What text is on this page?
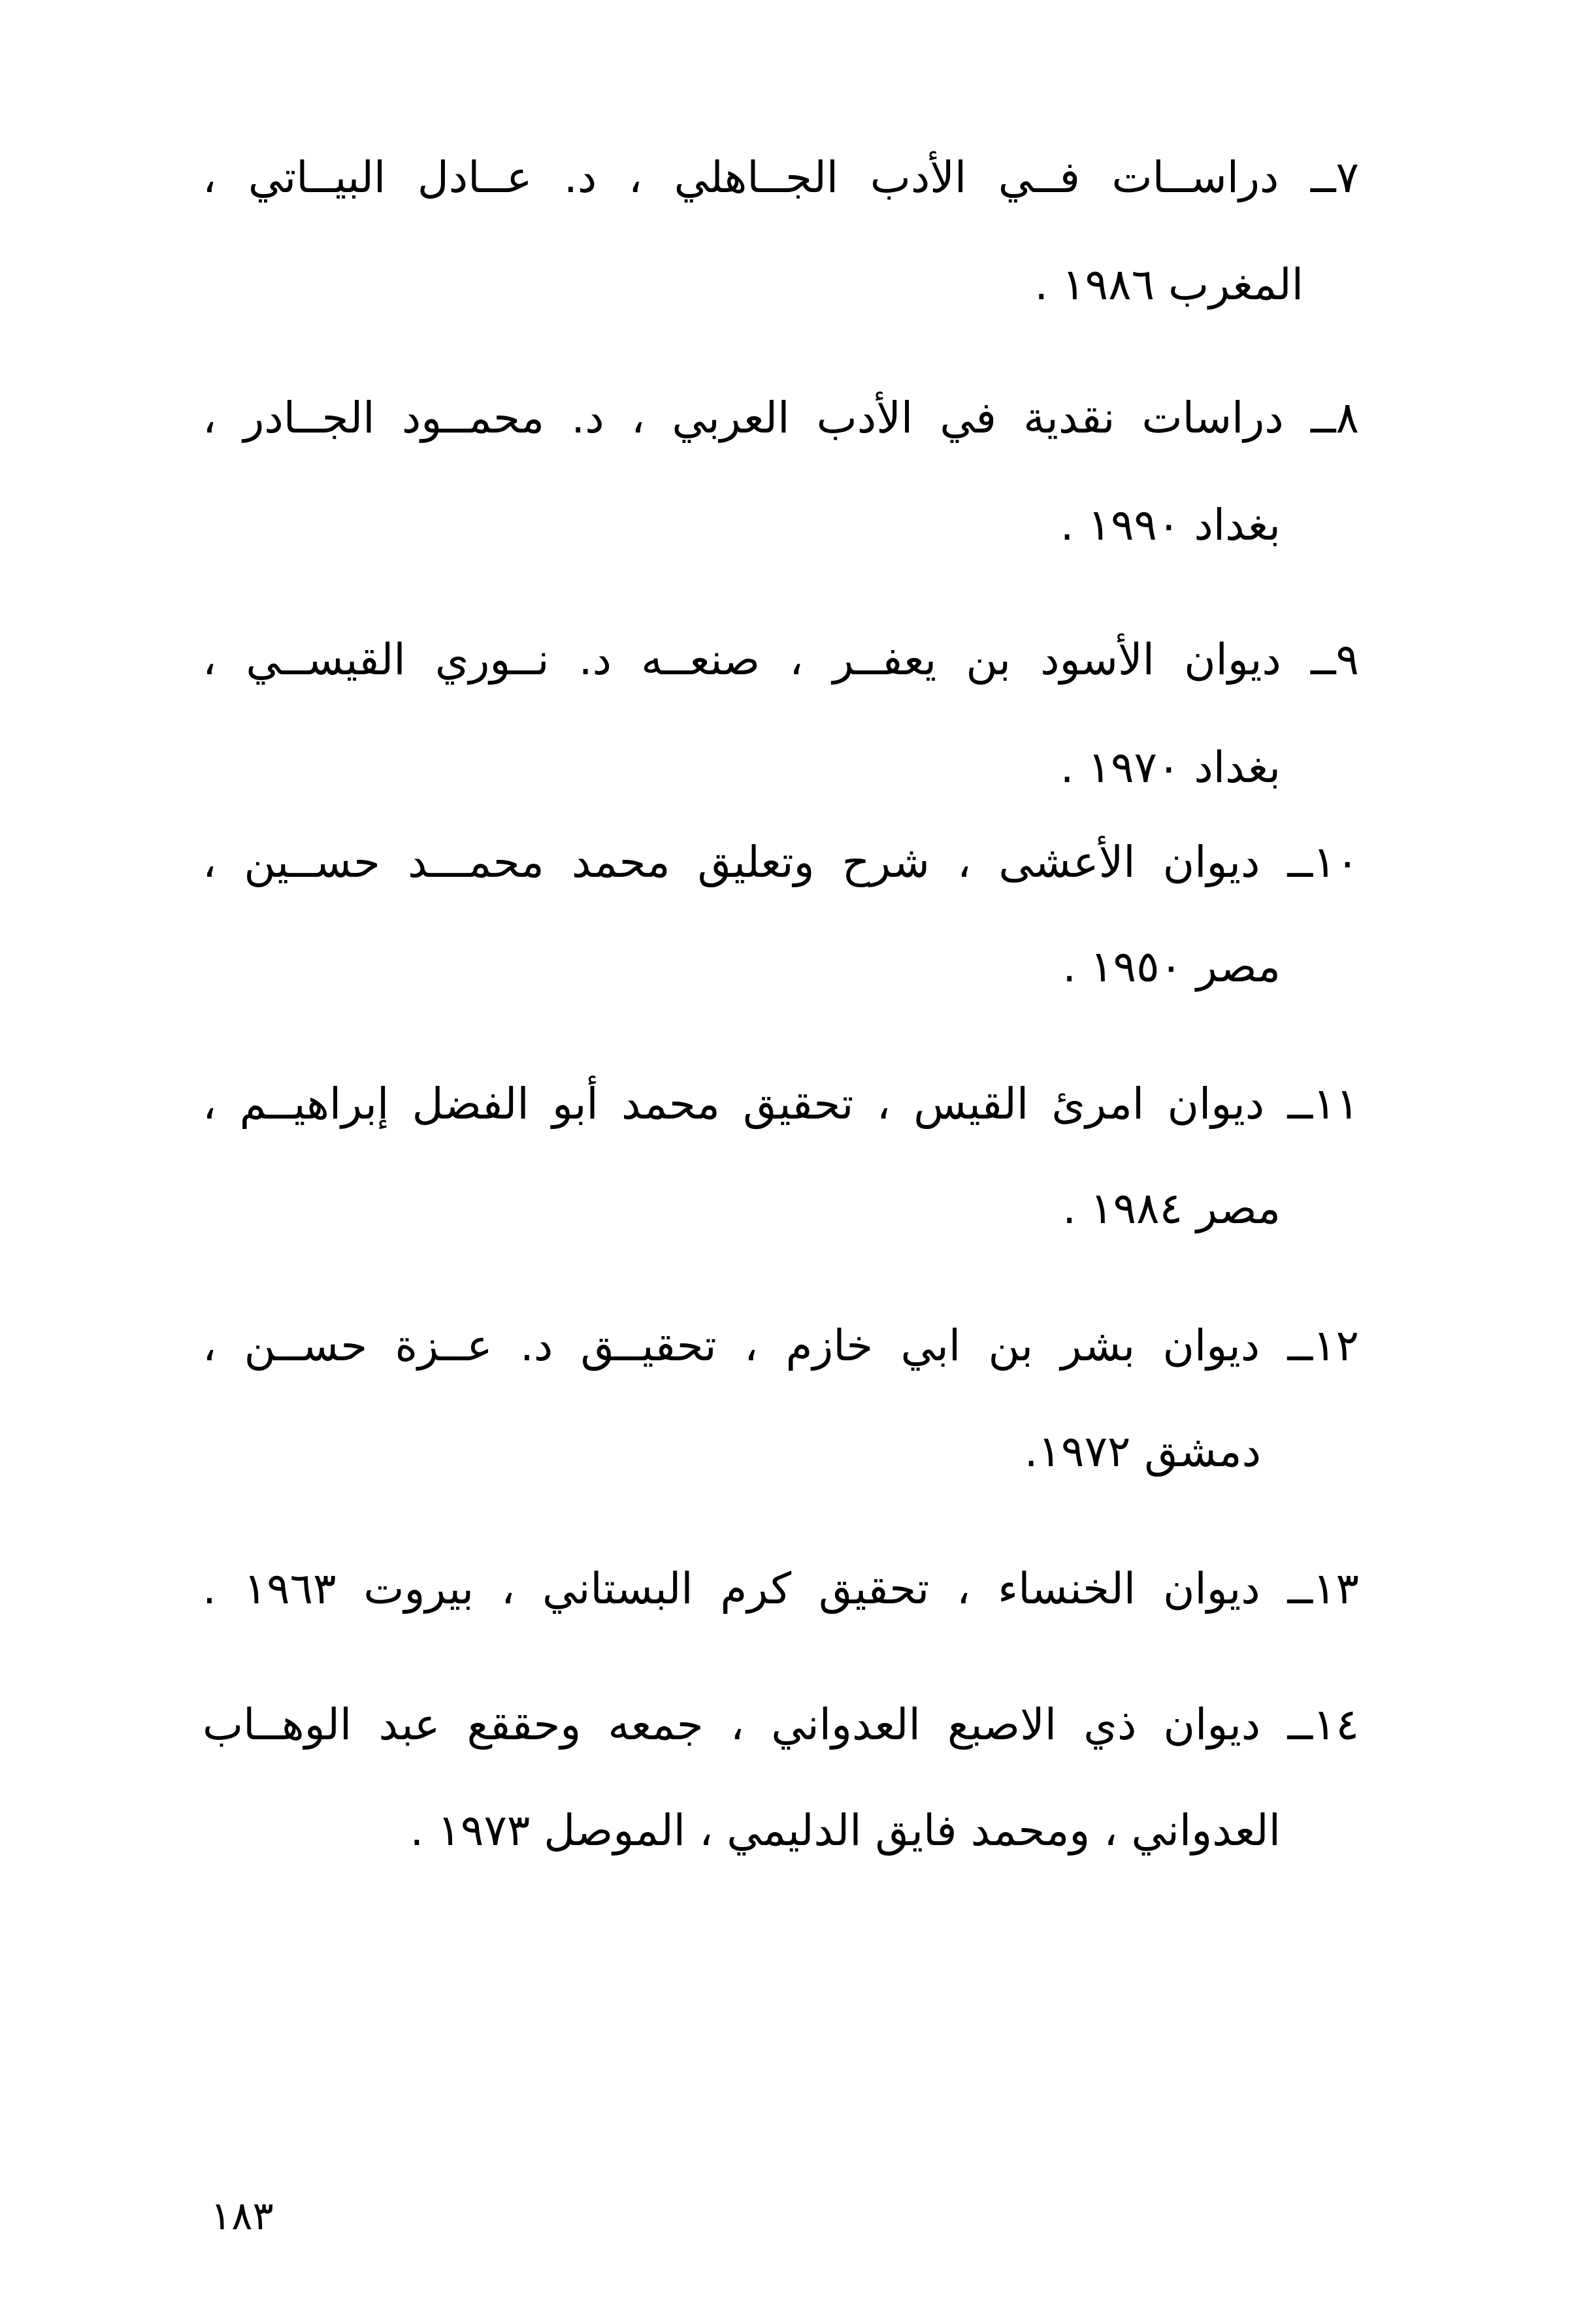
٧ــ دراســات فــي الأدب الجــاهلي ، د. عــادل البيــاتي ،
المغرب ١٩٨٦ .
٨ــ دراسات نقدية في الأدب العربي ، د. محمــود الجــادر ،
بغداد ١٩٩٠ .
٩ــ ديوان الأسود بن يعفــر ، صنعــه د. نــوري القيســي ،
بغداد ١٩٧٠ .
١٠ــ ديوان الأعشى ، شرح وتعليق محمد محمـــد حســين ،
مصر ١٩٥٠ .
١١ــ ديوان امرئ القيس ، تحقيق محمد أبو الفضل إبراهيــم ،
مصر ١٩٨٤ .
١٢ــ ديوان بشر بن ابي خازم ، تحقيــق د. عــزة حســن ،
دمشق ١٩٧٢.
١٣ــ ديوان الخنساء ، تحقيق كرم البستاني ، بيروت ١٩٦٣ .
١٤ــ ديوان ذي الاصبع العدواني ، جمعه وحققع عبد الوهــاب
العدواني ، ومحمد فايق الدليمي ، الموصل ١٩٧٣ .
١٨٣
